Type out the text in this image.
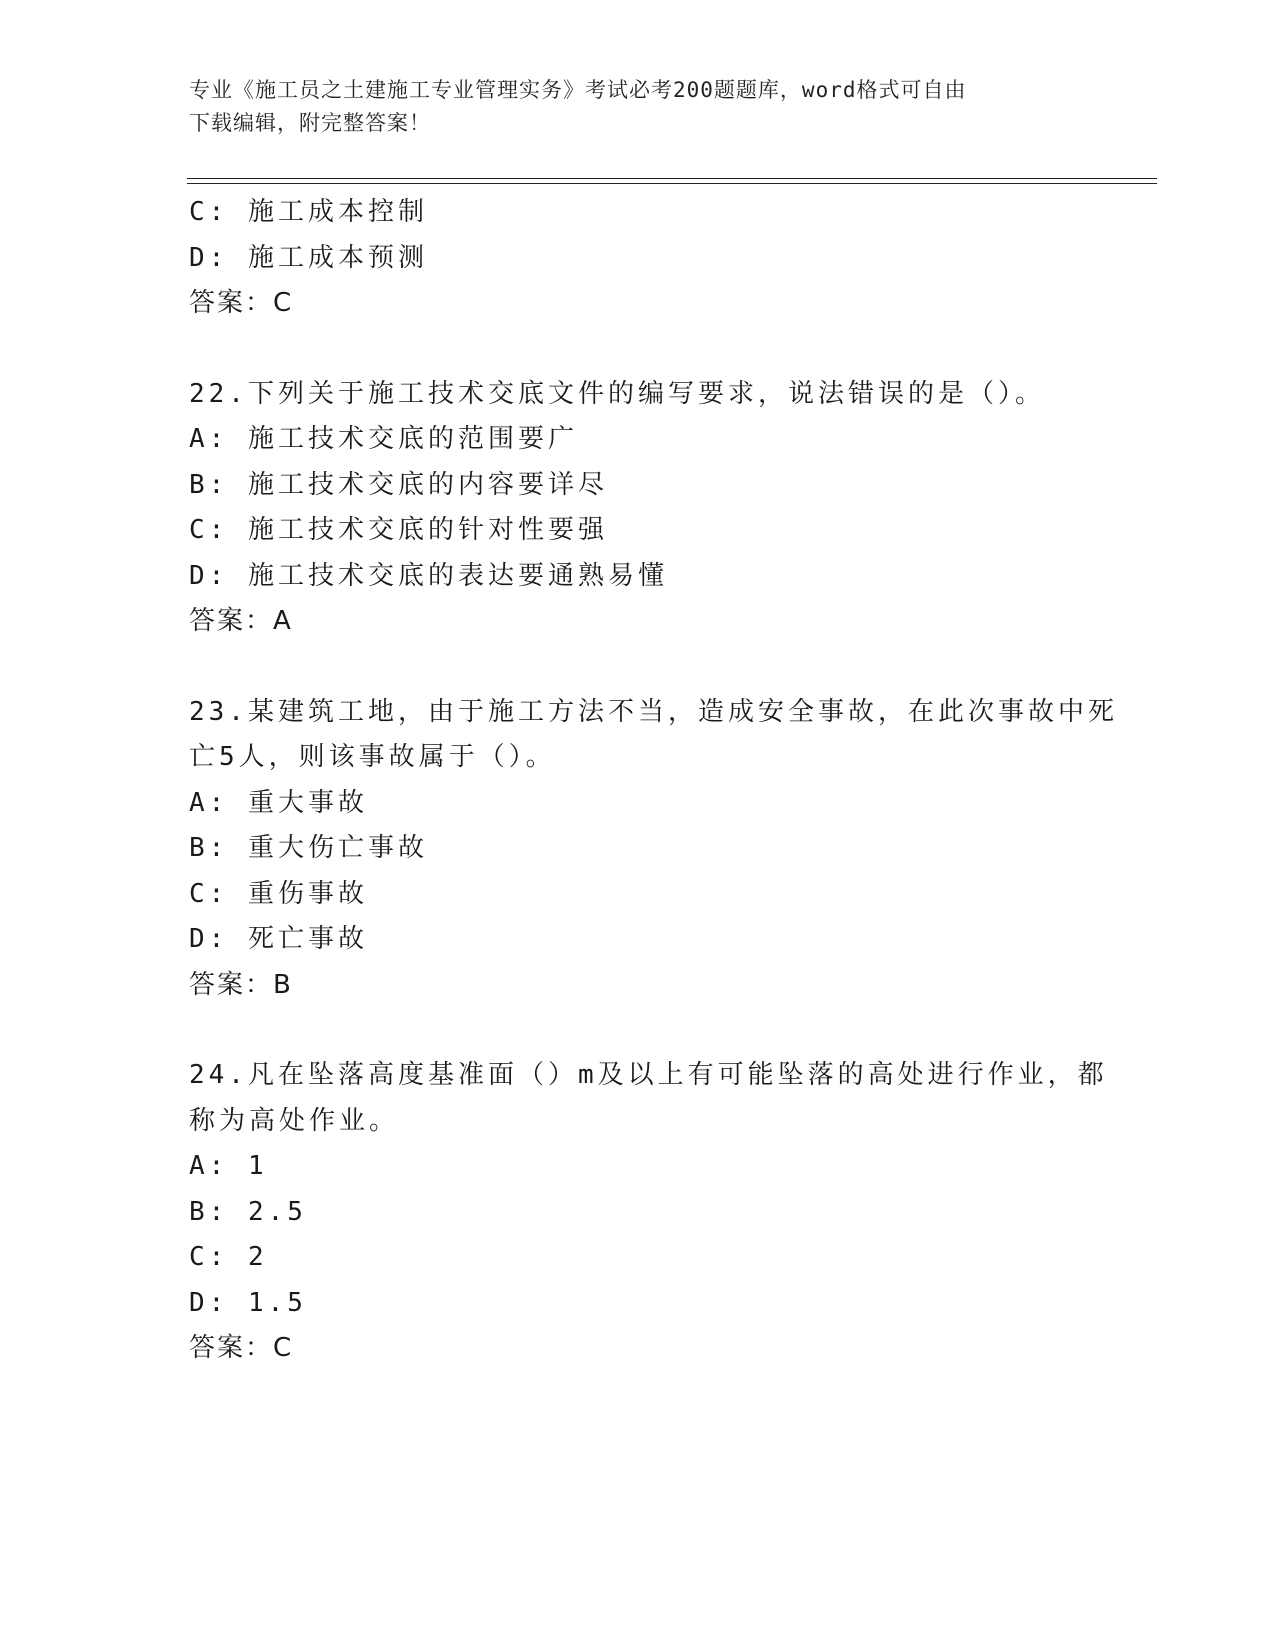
专业《施工员之土建施工专业管理实务》考试必考200题题库，word格式可自由
下载编辑，附完整答案！
C: 施工成本控制
D: 施工成本预测
答案：C
22.下列关于施工技术交底文件的编写要求，说法错误的是（）。
A: 施工技术交底的范围要广
B: 施工技术交底的内容要详尽
C: 施工技术交底的针对性要强
D: 施工技术交底的表达要通熟易懂
答案：A
23.某建筑工地，由于施工方法不当，造成安全事故，在此次事故中死
亡5人，则该事故属于（）。
A: 重大事故
B: 重大伤亡事故
C: 重伤事故
D: 死亡事故
答案：B
24.凡在坠落高度基准面（）m及以上有可能坠落的高处进行作业，都
称为高处作业。
A: 1
B: 2.5
C: 2
D: 1.5
答案：C
